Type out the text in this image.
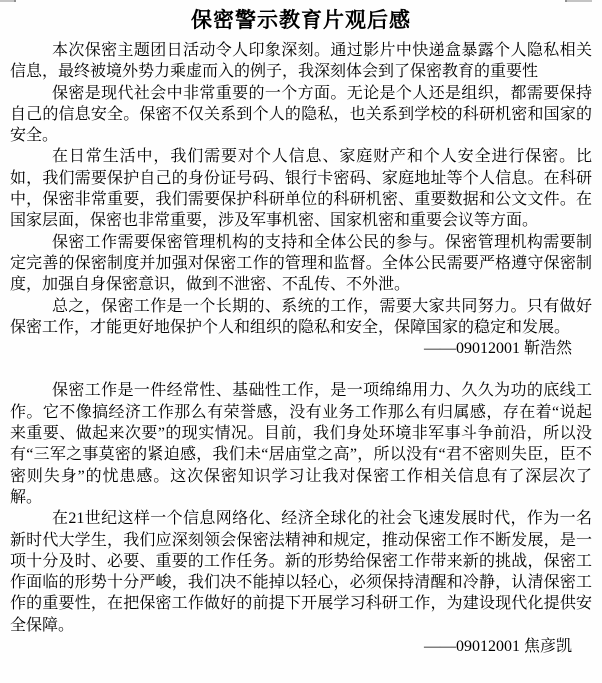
保密警示教育片观后感

本次保密主题团日活动令人印象深刻。通过影片中快递盒暴露个人隐私相关信息，最终被境外势力乘虚而入的例子，我深刻体会到了保密教育的重要性

保密是现代社会中非常重要的一个方面。无论是个人还是组织，都需要保持自己的信息安全。保密不仅关系到个人的隐私，也关系到学校的科研机密和国家的安全。

在日常生活中，我们需要对个人信息、家庭财产和个人安全进行保密。比如，我们需要保护自己的身份证号码、银行卡密码、家庭地址等个人信息。在科研中，保密非常重要，我们需要保护科研单位的科研机密、重要数据和公文文件。在国家层面，保密也非常重要，涉及军事机密、国家机密和重要会议等方面。

保密工作需要保密管理机构的支持和全体公民的参与。保密管理机构需要制定完善的保密制度并加强对保密工作的管理和监督。全体公民需要严格遵守保密制度，加强自身保密意识，做到不泄密、不乱传、不外泄。

总之，保密工作是一个长期的、系统的工作，需要大家共同努力。只有做好保密工作，才能更好地保护个人和组织的隐私和安全，保障国家的稳定和发展。

——09012001 靳浩然

保密工作是一件经常性、基础性工作，是一项绵绵用力、久久为功的底线工作。它不像搞经济工作那么有荣誉感，没有业务工作那么有归属感，存在着“说起来重要、做起来次要”的现实情况。目前，我们身处环境非军事斗争前沿，所以没有“三军之事莫密的紧迫感，我们未“居庙堂之高”，所以没有“君不密则失臣，臣不密则失身”的忧患感。这次保密知识学习让我对保密工作相关信息有了深层次了解。

在21世纪这样一个信息网络化、经济全球化的社会飞速发展时代，作为一名新时代大学生，我们应深刻领会保密法精神和规定，推动保密工作不断发展，是一项十分及时、必要、重要的工作任务。新的形势给保密工作带来新的挑战，保密工作面临的形势十分严峻，我们决不能掉以轻心，必须保持清醒和冷静，认清保密工作的重要性，在把保密工作做好的前提下开展学习科研工作，为建设现代化提供安全保障。

——09012001 焦彦凯
